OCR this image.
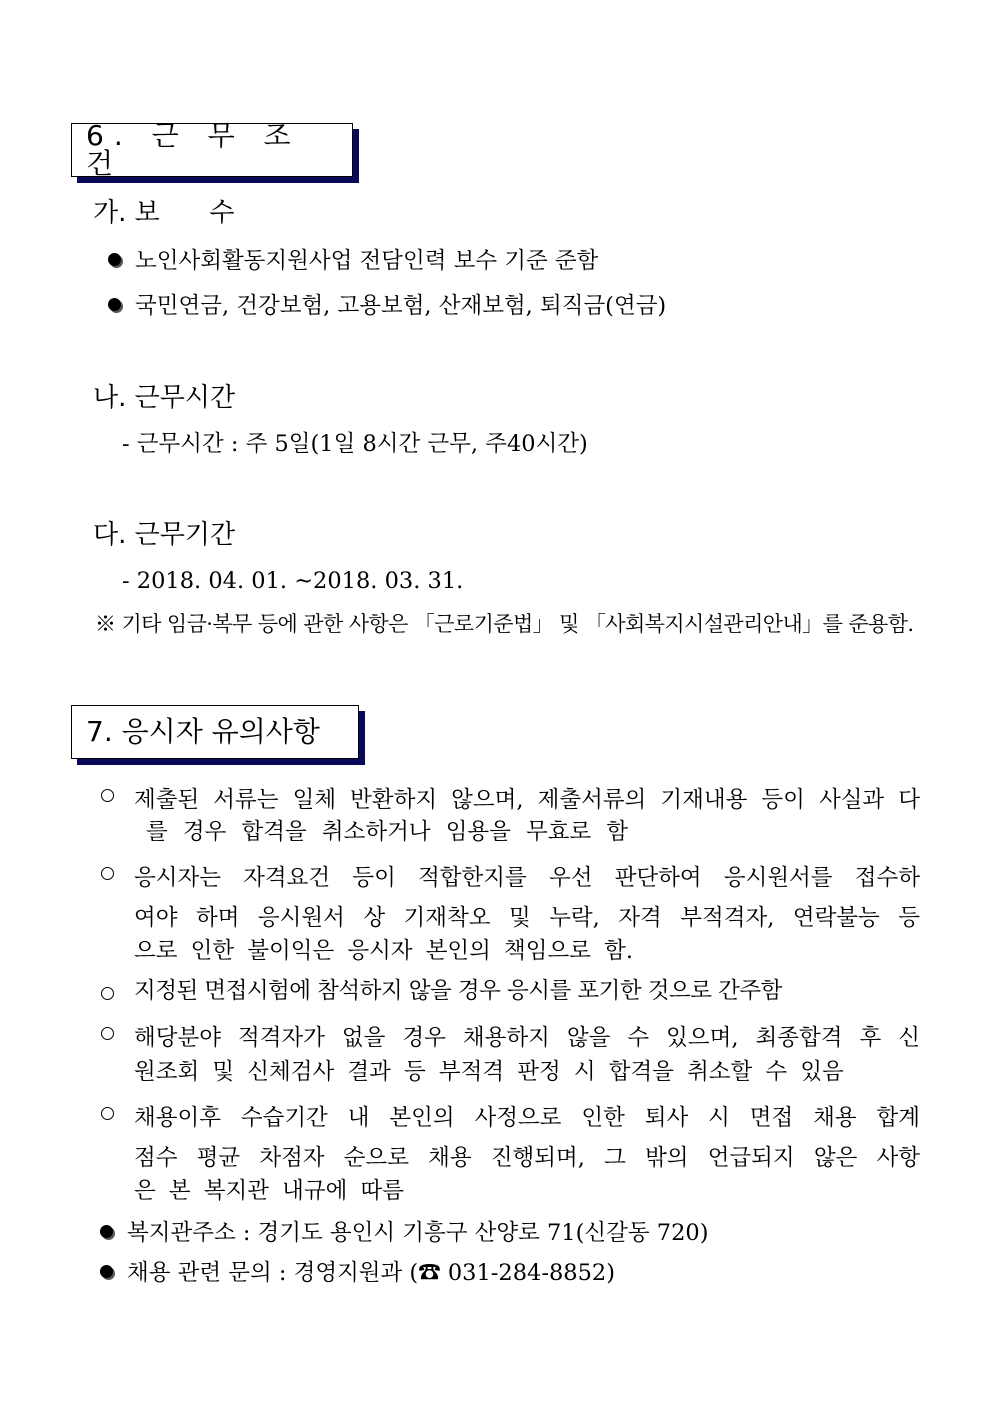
6. 근 무 조 건
가. 보      수
노인사회활동지원사업 전담인력 보수 기준 준함
국민연금, 건강보험, 고용보험, 산재보험, 퇴직금(연금)
나. 근무시간
- 근무시간 : 주 5일(1일 8시간 근무, 주40시간)
다. 근무기간
- 2018. 04. 01. ~2018. 03. 31.
※ 기타 임금·복무 등에 관한 사항은 「근로기준법」 및 「사회복지시설관리안내」를 준용함.
7. 응시자 유의사항
제출된 서류는 일체 반환하지 않으며, 제출서류의 기재내용 등이 사실과 다
를 경우 합격을 취소하거나 임용을 무효로 함
응시자는 자격요건 등이 적합한지를 우선 판단하여 응시원서를 접수하
여야 하며 응시원서 상 기재착오 및 누락, 자격 부적격자, 연락불능 등
으로 인한 불이익은 응시자 본인의 책임으로 함.
지정된 면접시험에 참석하지 않을 경우 응시를 포기한 것으로 간주함
해당분야 적격자가 없을 경우 채용하지 않을 수 있으며, 최종합격 후 신
원조회 및 신체검사 결과 등 부적격 판정 시 합격을 취소할 수 있음
채용이후 수습기간 내 본인의 사정으로 인한 퇴사 시 면접 채용 합계
점수 평균 차점자 순으로 채용 진행되며, 그 밖의 언급되지 않은 사항
은 본 복지관 내규에 따름
복지관주소 : 경기도 용인시 기흥구 산양로 71(신갈동 720)
채용 관련 문의 : 경영지원과 (☎ 031-284-8852)
